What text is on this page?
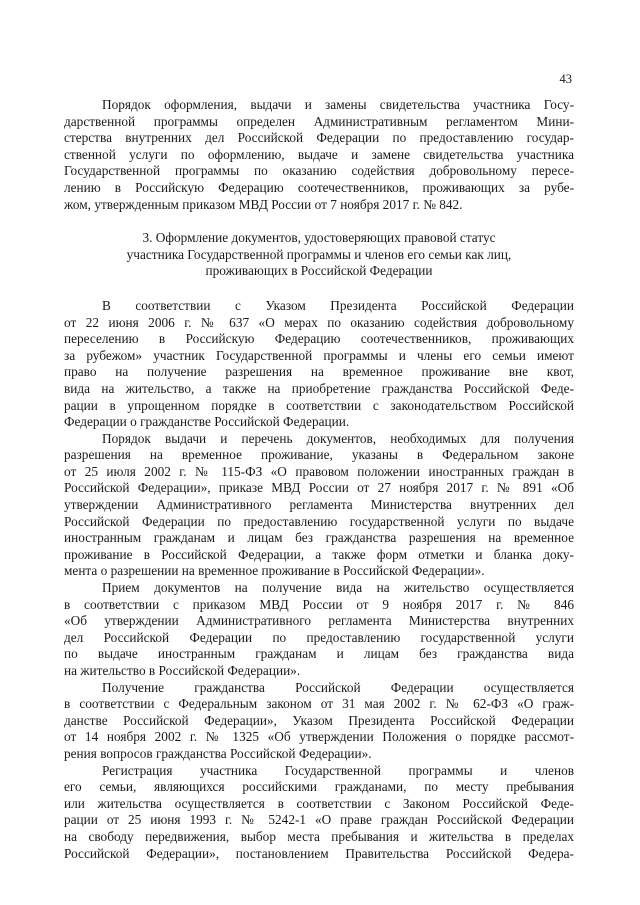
43
Порядок оформления, выдачи и замены свидетельства участника Госу-
дарственной программы определен Административным регламентом Мини-
стерства внутренних дел Российской Федерации по предоставлению государ-
ственной услуги по оформлению, выдаче и замене свидетельства участника
Государственной программы по оказанию содействия добровольному пересе-
лению в Российскую Федерацию соотечественников, проживающих за рубе-
жом, утвержденным приказом МВД России от 7 ноября 2017 г. № 842.
3. Оформление документов, удостоверяющих правовой статус
участника Государственной программы и членов его семьи как лиц,
проживающих в Российской Федерации
В соответствии с Указом Президента Российской Федерации
от 22 июня 2006 г. № 637 «О мерах по оказанию содействия добровольному
переселению в Российскую Федерацию соотечественников, проживающих
за рубежом» участник Государственной программы и члены его семьи имеют
право на получение разрешения на временное проживание вне квот,
вида на жительство, а также на приобретение гражданства Российской Феде-
рации в упрощенном порядке в соответствии с законодательством Российской
Федерации о гражданстве Российской Федерации.
Порядок выдачи и перечень документов, необходимых для получения
разрешения на временное проживание, указаны в Федеральном законе
от 25 июля 2002 г. № 115-ФЗ «О правовом положении иностранных граждан в
Российской Федерации», приказе МВД России от 27 ноября 2017 г. № 891 «Об
утверждении Административного регламента Министерства внутренних дел
Российской Федерации по предоставлению государственной услуги по выдаче
иностранным гражданам и лицам без гражданства разрешения на временное
проживание в Российской Федерации, а также форм отметки и бланка доку-
мента о разрешении на временное проживание в Российской Федерации».
Прием документов на получение вида на жительство осуществляется
в соответствии с приказом МВД России от 9 ноября 2017 г. № 846
«Об утверждении Административного регламента Министерства внутренних
дел Российской Федерации по предоставлению государственной услуги
по выдаче иностранным гражданам и лицам без гражданства вида
на жительство в Российской Федерации».
Получение гражданства Российской Федерации осуществляется
в соответствии с Федеральным законом от 31 мая 2002 г. № 62-ФЗ «О граж-
данстве Российской Федерации», Указом Президента Российской Федерации
от 14 ноября 2002 г. № 1325 «Об утверждении Положения о порядке рассмот-
рения вопросов гражданства Российской Федерации».
Регистрация участника Государственной программы и членов
его семьи, являющихся российскими гражданами, по месту пребывания
или жительства осуществляется в соответствии с Законом Российской Феде-
рации от 25 июня 1993 г. № 5242-1 «О праве граждан Российской Федерации
на свободу передвижения, выбор места пребывания и жительства в пределах
Российской Федерации», постановлением Правительства Российской Федера-
